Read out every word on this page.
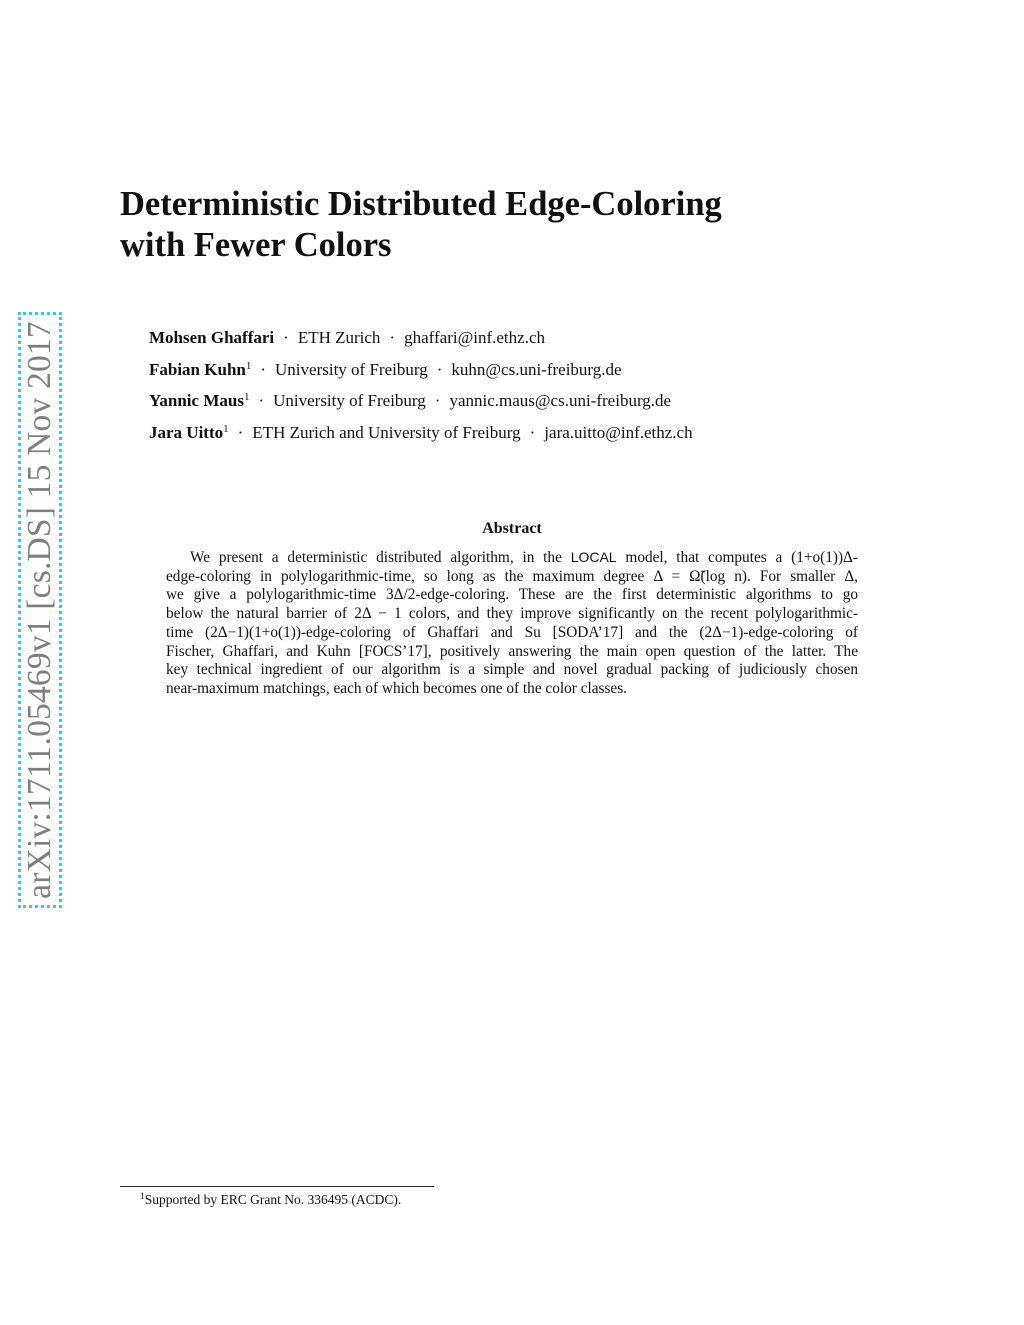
arXiv:1711.05469v1 [cs.DS] 15 Nov 2017
Deterministic Distributed Edge-Coloring
with Fewer Colors
Mohsen Ghaffari · ETH Zurich · ghaffari@inf.ethz.ch
Fabian Kuhn$^1$ · University of Freiburg · kuhn@cs.uni-freiburg.de
Yannic Maus$^1$ · University of Freiburg · yannic.maus@cs.uni-freiburg.de
Jara Uitto$^1$ · ETH Zurich and University of Freiburg · jara.uitto@inf.ethz.ch
Abstract
We present a deterministic distributed algorithm, in the LOCAL model, that computes a (1+o(1))Δ-
edge-coloring in polylogarithmic-time, so long as the maximum degree Δ = Ω̃(log n). For smaller Δ,
we give a polylogarithmic-time 3Δ/2-edge-coloring. These are the first deterministic algorithms to go
below the natural barrier of 2Δ − 1 colors, and they improve significantly on the recent polylogarithmic-
time (2Δ−1)(1+o(1))-edge-coloring of Ghaffari and Su [SODA’17] and the (2Δ−1)-edge-coloring of
Fischer, Ghaffari, and Kuhn [FOCS’17], positively answering the main open question of the latter. The
key technical ingredient of our algorithm is a simple and novel gradual packing of judiciously chosen
near-maximum matchings, each of which becomes one of the color classes.
$^1$Supported by ERC Grant No. 336495 (ACDC).
